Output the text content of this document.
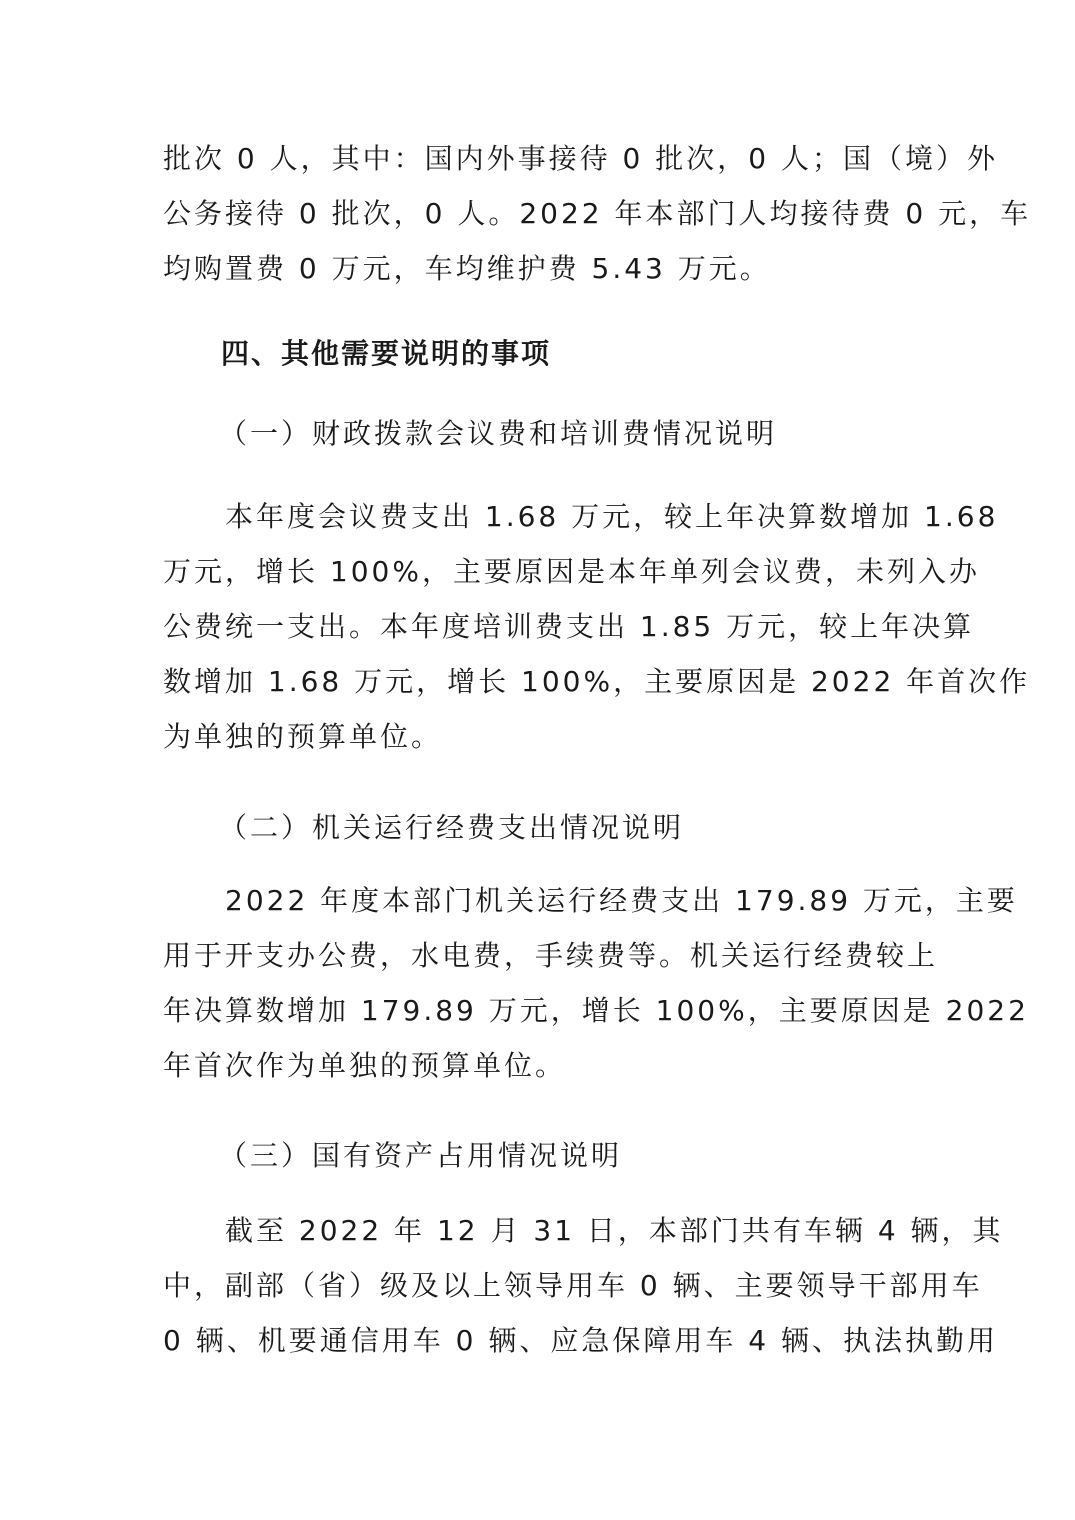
批次 0 人，其中：国内外事接待 0 批次，0 人；国（境）外
公务接待 0 批次，0 人。2022 年本部门人均接待费 0 元，车
均购置费 0 万元，车均维护费 5.43 万元。
四、其他需要说明的事项
（一）财政拨款会议费和培训费情况说明
　　本年度会议费支出 1.68 万元，较上年决算数增加 1.68
万元，增长 100%，主要原因是本年单列会议费，未列入办
公费统一支出。本年度培训费支出 1.85 万元，较上年决算
数增加 1.68 万元，增长 100%，主要原因是 2022 年首次作
为单独的预算单位。
（二）机关运行经费支出情况说明
　　2022 年度本部门机关运行经费支出 179.89 万元，主要
用于开支办公费，水电费，手续费等。机关运行经费较上
年决算数增加 179.89 万元，增长 100%，主要原因是 2022
年首次作为单独的预算单位。
（三）国有资产占用情况说明
　　截至 2022 年 12 月 31 日，本部门共有车辆 4 辆，其
中，副部（省）级及以上领导用车 0 辆、主要领导干部用车
0 辆、机要通信用车 0 辆、应急保障用车 4 辆、执法执勤用
